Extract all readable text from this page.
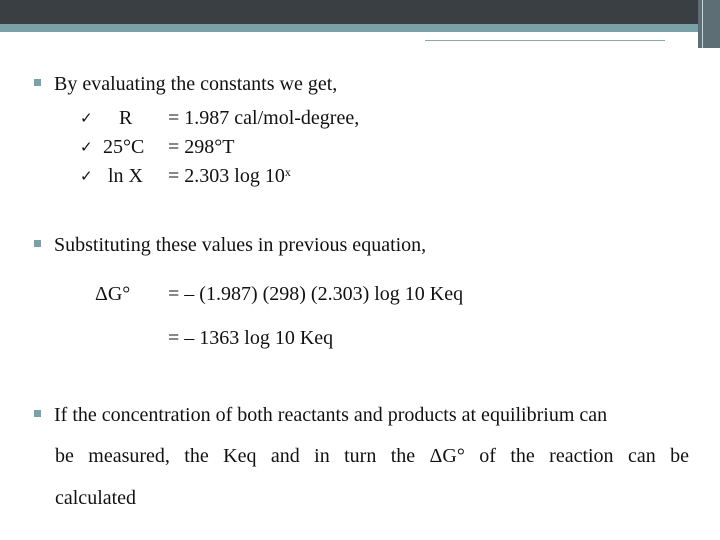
By evaluating the constants we get,
✓ R = 1.987 cal/mol-degree,
✓ 25°C = 298°T
✓ ln X = 2.303 log 10$^x$
Substituting these values in previous equation,
ΔG° = – (1.987) (298) (2.303) log 10 Keq
= – 1363 log 10 Keq
If the concentration of both reactants and products at equilibrium can
be measured, the Keq and in turn the ΔG° of the reaction can be
calculated
